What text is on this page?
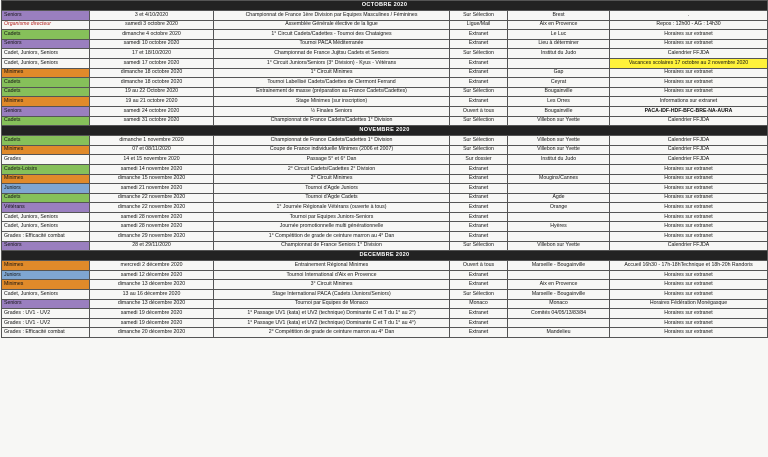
OCTOBRE 2020					
Seniors	3 et 4/10/2020	Championnat de France 1ère Division par Equipes Masculines / Féminines	Sur Sélection	Brest	.
Organisme directeur	samedi 3 octobre 2020	Assemblée Générale élective de la ligue	Ligue/Mail	Aix en Provence	Repos : 12h00 - AG : 14h30
Cadets	dimanche 4 octobre 2020	1° Circuit Cadets/Cadettes - Tournoi des Chataignes	Extranet	Le Luc	Horaires sur extranet
Seniors	samedi 10 octobre 2020	Tournoi PACA Méditerranée	Extranet	Lieu à déterminer	Horaires sur extranet
Cadet, Juniors, Seniors	17 et 18/10/2020	Championnat de France Jujitsu Cadets et Seniors	Sur Sélection	Institut du Judo	Calendrier FFJDA
Cadet, Juniors, Seniors	samedi 17 octobre 2020	1° Circuit Juniors/Seniors (3° Division) - Kyus - Vétérans	Extranet		Vacances scolaires 17 octobre au 2 novembre 2020
Minimes	dimanche 18 octobre 2020	1° Circuit Minimes	Extranet	Gap	Horaires sur extranet
Cadets	dimanche 18 octobre 2020	Tournoi Labellisé Cadets/Cadettes de Clermont Ferrand	Extranet	Ceyrat	Horaires sur extranet
Cadets	19 au 22 Octobre 2020	Entrainement de masse (préparation au France Cadets/Cadettes)	Sur Sélection	Bougainville	Horaires sur extranet
Minimes	19 au 21 octobre 2020	Stage Minimes (sur inscription)	Extranet	Les Orres	Informations sur extranet
Seniors	samedi 24 octobre 2020	½ Finales Seniors	Ouvert à tous	Bougainville	PACA-IDF-HDF-BFC-BRE-NA-AURA
Cadets	samedi 31 octobre 2020	Championnat de France Cadets/Cadettes 1° Division	Sur Sélection	Villebon sur Yvette	Calendrier FFJDA
NOVEMBRE 2020					
Cadets	dimanche 1 novembre 2020	Championnat de France Cadets/Cadettes 1° Division	Sur Sélection	Villebon sur Yvette	Calendrier FFJDA
Minimes	07 et 08/11/2020	Coupe de France individuelle Minimes (2006 et 2007)	Sur Sélection	Villebon sur Yvette	Calendrier FFJDA
Grades	14 et 15 novembre 2020	Passage 5° et 6° Dan	Sur dossier	Institut du Judo	Calendrier FFJDA
Cadets-Loisirs	samedi 14 novembre 2020	2° Circuit Cadets/Cadettes 2° Division	Extranet		Horaires sur extranet
Minimes	dimanche 15 novembre 2020	2° Circuit Minimes	Extranet	Mougins/Cannes	Horaires sur extranet
Juniors	samedi 21 novembre 2020	Tournoi d'Agde Juniors	Extranet		Horaires sur extranet
Cadets	dimanche 22 novembre 2020	Tournoi d'Agde Cadets	Extranet	Agde	Horaires sur extranet
Vétérans	dimanche 22 novembre 2020	1° Journée Régionale Vétérans (ouverte à tous)	Extranet	Orange	Horaires sur extranet
Cadet, Juniors, Seniors	samedi 28 novembre 2020	Tournoi par Equipes Juniors-Seniors	Extranet		Horaires sur extranet
Cadet, Juniors, Seniors	samedi 28 novembre 2020	Journée promotionnelle multi générationnelle	Extranet	Hyères	Horaires sur extranet
Grades : Efficacité combat	dimanche 29 novembre 2020	1° Compétition de grade de ceinture marron au 4° Dan	Extranet		Horaires sur extranet
Seniors	28 et 29/11/2020	Championnat de France Seniors 1° Division	Sur Sélection	Villebon sur Yvette	Calendrier FFJDA
DECEMBRE 2020					
Minimes	mercredi 2 décembre 2020	Entrainement Régional Minimes	Ouvert à tous	Marseille - Bougainville	Accueil 16h30 - 17h-18hTechnique et 18h-20h Randoris
Juniors	samedi 12 décembre 2020	Tournoi International d'Aix en Provence	Extranet		Horaires sur extranet
Minimes	dimanche 13 décembre 2020	3° Circuit Minimes	Extranet	Aix en Provence	Horaires sur extranet
Cadet, Juniors, Seniors	13 au 16 décembre 2020	Stage International PACA (Cadets /Juniors/Seniors)	Sur Sélection	Marseille - Bougainville	Horaires sur extranet
Seniors	dimanche 13 décembre 2020	Tournoi par Equipes de Monaco	Monaco	Monaco	Horaires Fédération Monégasque
Grades : UV1 - UV2	samedi 19 décembre 2020	1° Passage UV1 (kata) et UV2 (technique) Dominante C et T du 1° au 2°)	Extranet	Comités 04/05/13/83/84	Horaires sur extranet
Grades : UV1 - UV2	samedi 19 décembre 2020	1° Passage UV1 (kata) et UV2 (technique) Dominante C et T du 1° au 4°)	Extranet		Horaires sur extranet
Grades : Efficacité combat	dimanche 20 décembre 2020	2° Compétition de grade de ceinture marron au 4° Dan	Extranet	Mandelieu	Horaires sur extranet
